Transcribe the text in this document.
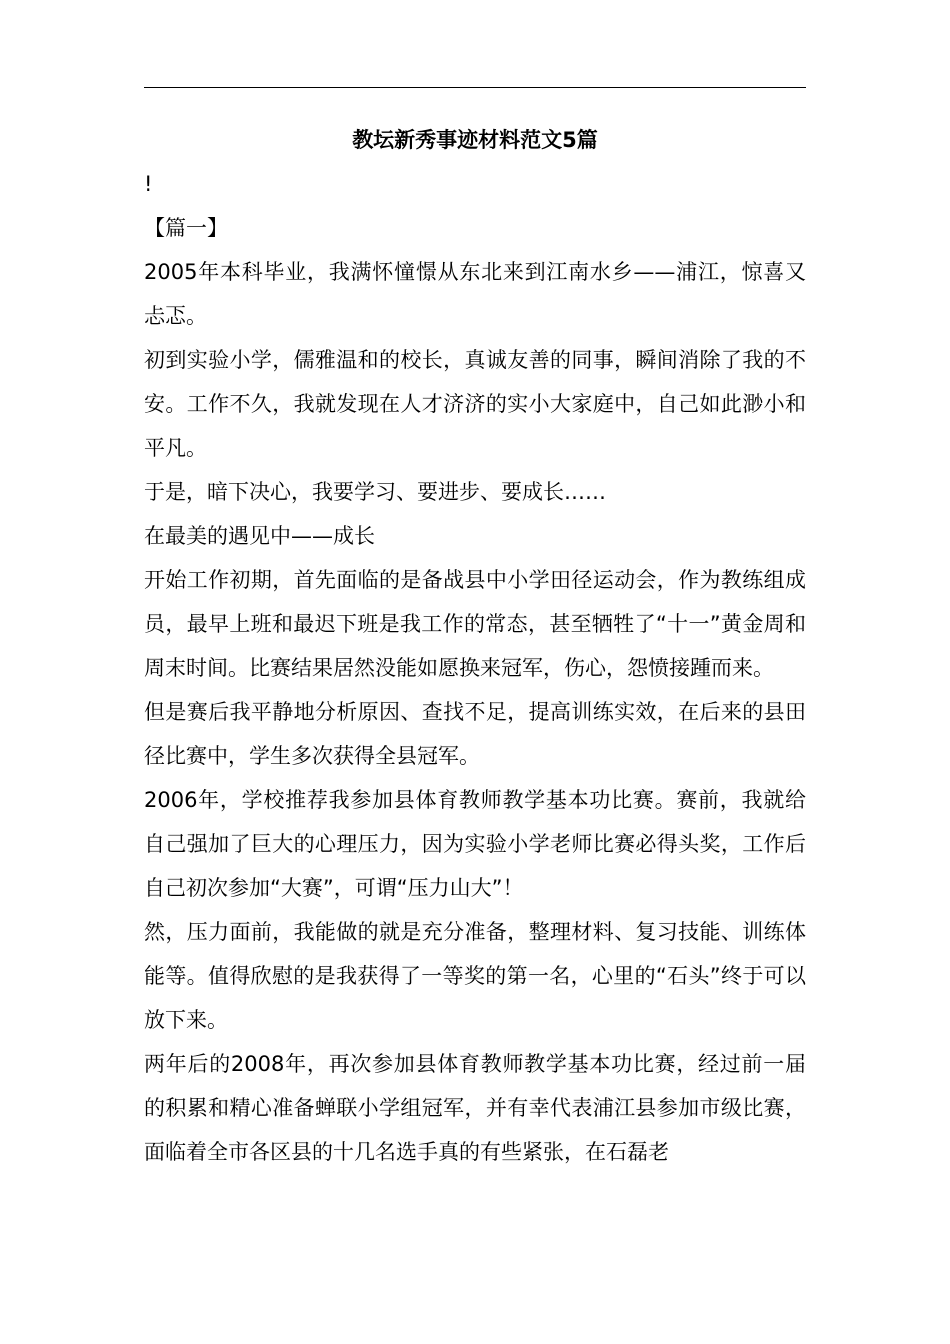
教坛新秀事迹材料范文5篇

!

【篇一】

2005年本科毕业，我满怀憧憬从东北来到江南水乡——浦江，惊喜又忐忑。

初到实验小学，儒雅温和的校长，真诚友善的同事，瞬间消除了我的不安。工作不久，我就发现在人才济济的实小大家庭中，自己如此渺小和平凡。

于是，暗下决心，我要学习、要进步、要成长……

在最美的遇见中——成长

开始工作初期，首先面临的是备战县中小学田径运动会，作为教练组成员，最早上班和最迟下班是我工作的常态，甚至牺牲了“十一”黄金周和周末时间。比赛结果居然没能如愿换来冠军，伤心，怨愤接踵而来。

但是赛后我平静地分析原因、查找不足，提高训练实效，在后来的县田径比赛中，学生多次获得全县冠军。

2006年，学校推荐我参加县体育教师教学基本功比赛。赛前，我就给自己强加了巨大的心理压力，因为实验小学老师比赛必得头奖，工作后自己初次参加“大赛”，可谓“压力山大”！

然，压力面前，我能做的就是充分准备，整理材料、复习技能、训练体能等。值得欣慰的是我获得了一等奖的第一名，心里的“石头”终于可以放下来。

两年后的2008年，再次参加县体育教师教学基本功比赛，经过前一届的积累和精心准备蝉联小学组冠军，并有幸代表浦江县参加市级比赛，面临着全市各区县的十几名选手真的有些紧张，在石磊老
